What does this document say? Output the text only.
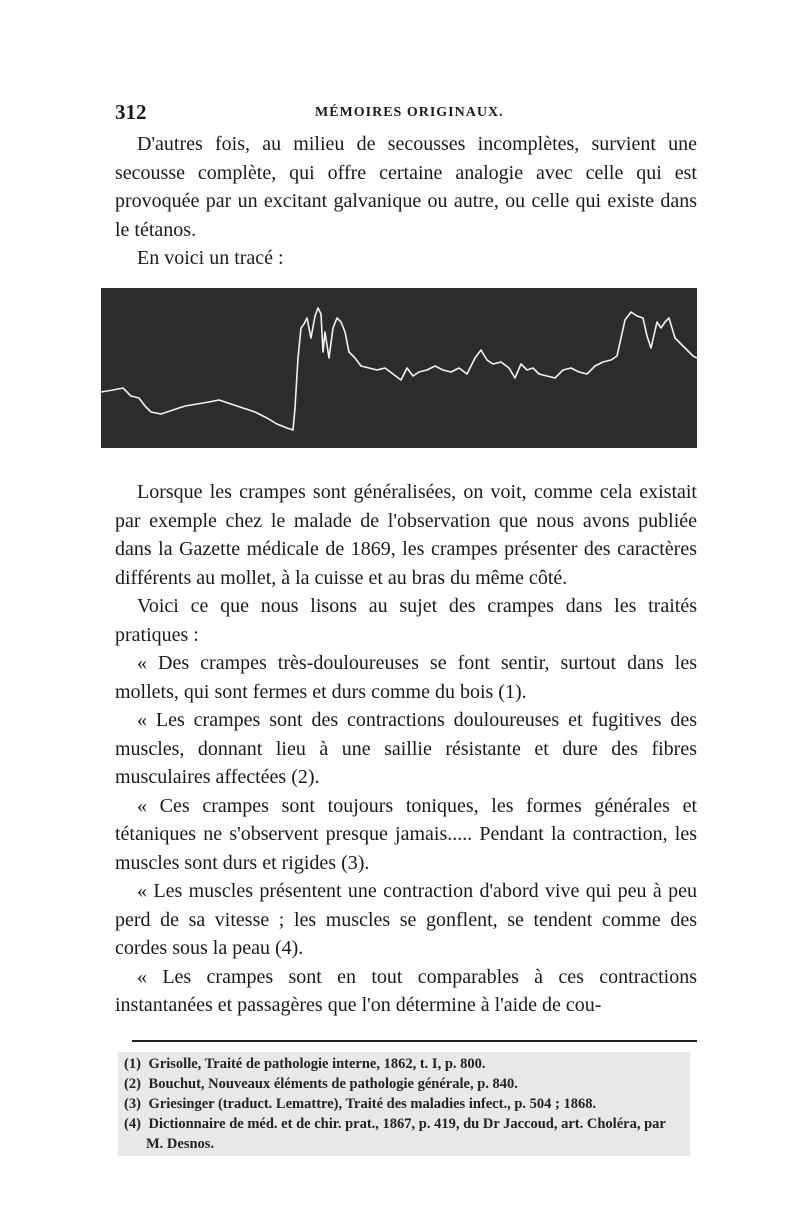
312	MÉMOIRES ORIGINAUX.

D'autres fois, au milieu de secousses incomplètes, survient une secousse complète, qui offre certaine analogie avec celle qui est provoquée par un excitant galvanique ou autre, ou celle qui existe dans le tétanos.

En voici un tracé :

Lorsque les crampes sont généralisées, on voit, comme cela existait par exemple chez le malade de l'observation que nous avons publiée dans la Gazette médicale de 1869, les crampes présenter des caractères différents au mollet, à la cuisse et au bras du même côté.

Voici ce que nous lisons au sujet des crampes dans les traités pratiques :

« Des crampes très-douloureuses se font sentir, surtout dans les mollets, qui sont fermes et durs comme du bois (1).

« Les crampes sont des contractions douloureuses et fugitives des muscles, donnant lieu à une saillie résistante et dure des fibres musculaires affectées (2).

« Ces crampes sont toujours toniques, les formes générales et tétaniques ne s'observent presque jamais..... Pendant la contraction, les muscles sont durs et rigides (3).

« Les muscles présentent une contraction d'abord vive qui peu à peu perd de sa vitesse ; les muscles se gonflent, se tendent comme des cordes sous la peau (4).

« Les crampes sont en tout comparables à ces contractions instantanées et passagères que l'on détermine à l'aide de cou-

(1) Grisolle, Traité de pathologie interne, 1862, t. I, p. 800.

(2) Bouchut, Nouveaux éléments de pathologie générale, p. 840.

(3) Griesinger (traduct. Lemattre), Traité des maladies infect., p. 504 ; 1868.

(4) Dictionnaire de méd. et de chir. prat., 1867, p. 419, du Dr Jaccoud, art. Choléra, par M. Desnos.
